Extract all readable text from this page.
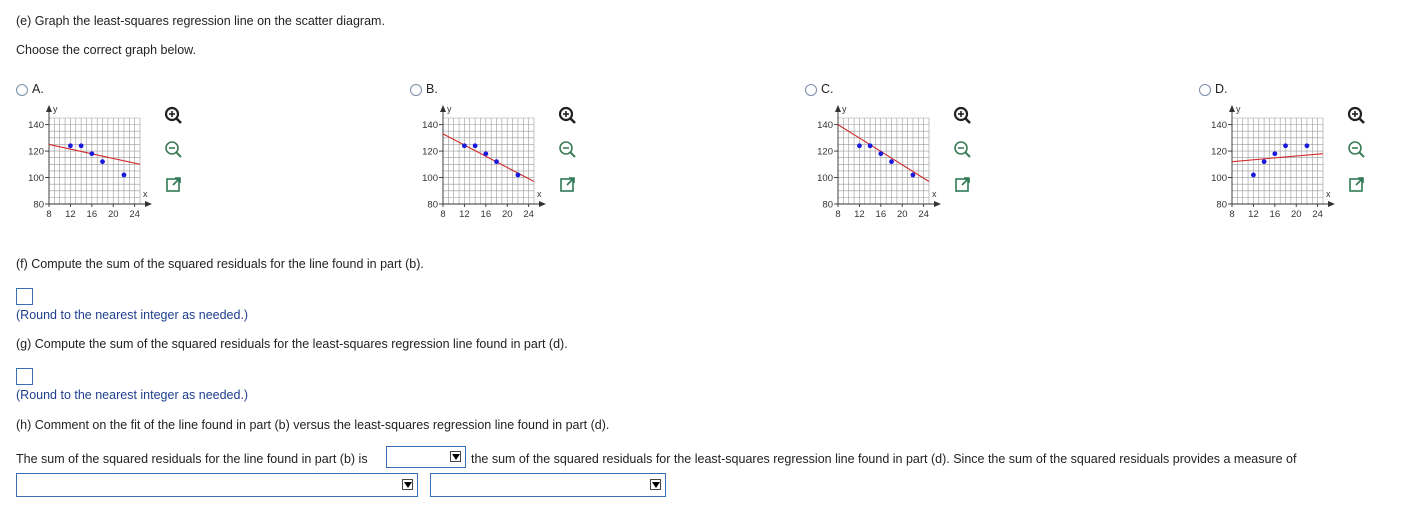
(e) Graph the least-squares regression line on the scatter diagram.
Choose the correct graph below.
A.
y
x
140
120
100
80
8 12 16 20 24
B.
y
x
140
120
100
80
8 12 16 20 24
C.
y
x
140
120
100
80
8 12 16 20 24
D.
y
x
140
120
100
80
8 12 16 20 24
(f) Compute the sum of the squared residuals for the line found in part (b).
(Round to the nearest integer as needed.)
(g) Compute the sum of the squared residuals for the least-squares regression line found in part (d).
(Round to the nearest integer as needed.)
(h) Comment on the fit of the line found in part (b) versus the least-squares regression line found in part (d).
The sum of the squared residuals for the line found in part (b) is	the sum of the squared residuals for the least-squares regression line found in part (d). Since the sum of the squared residuals provides a measure of
